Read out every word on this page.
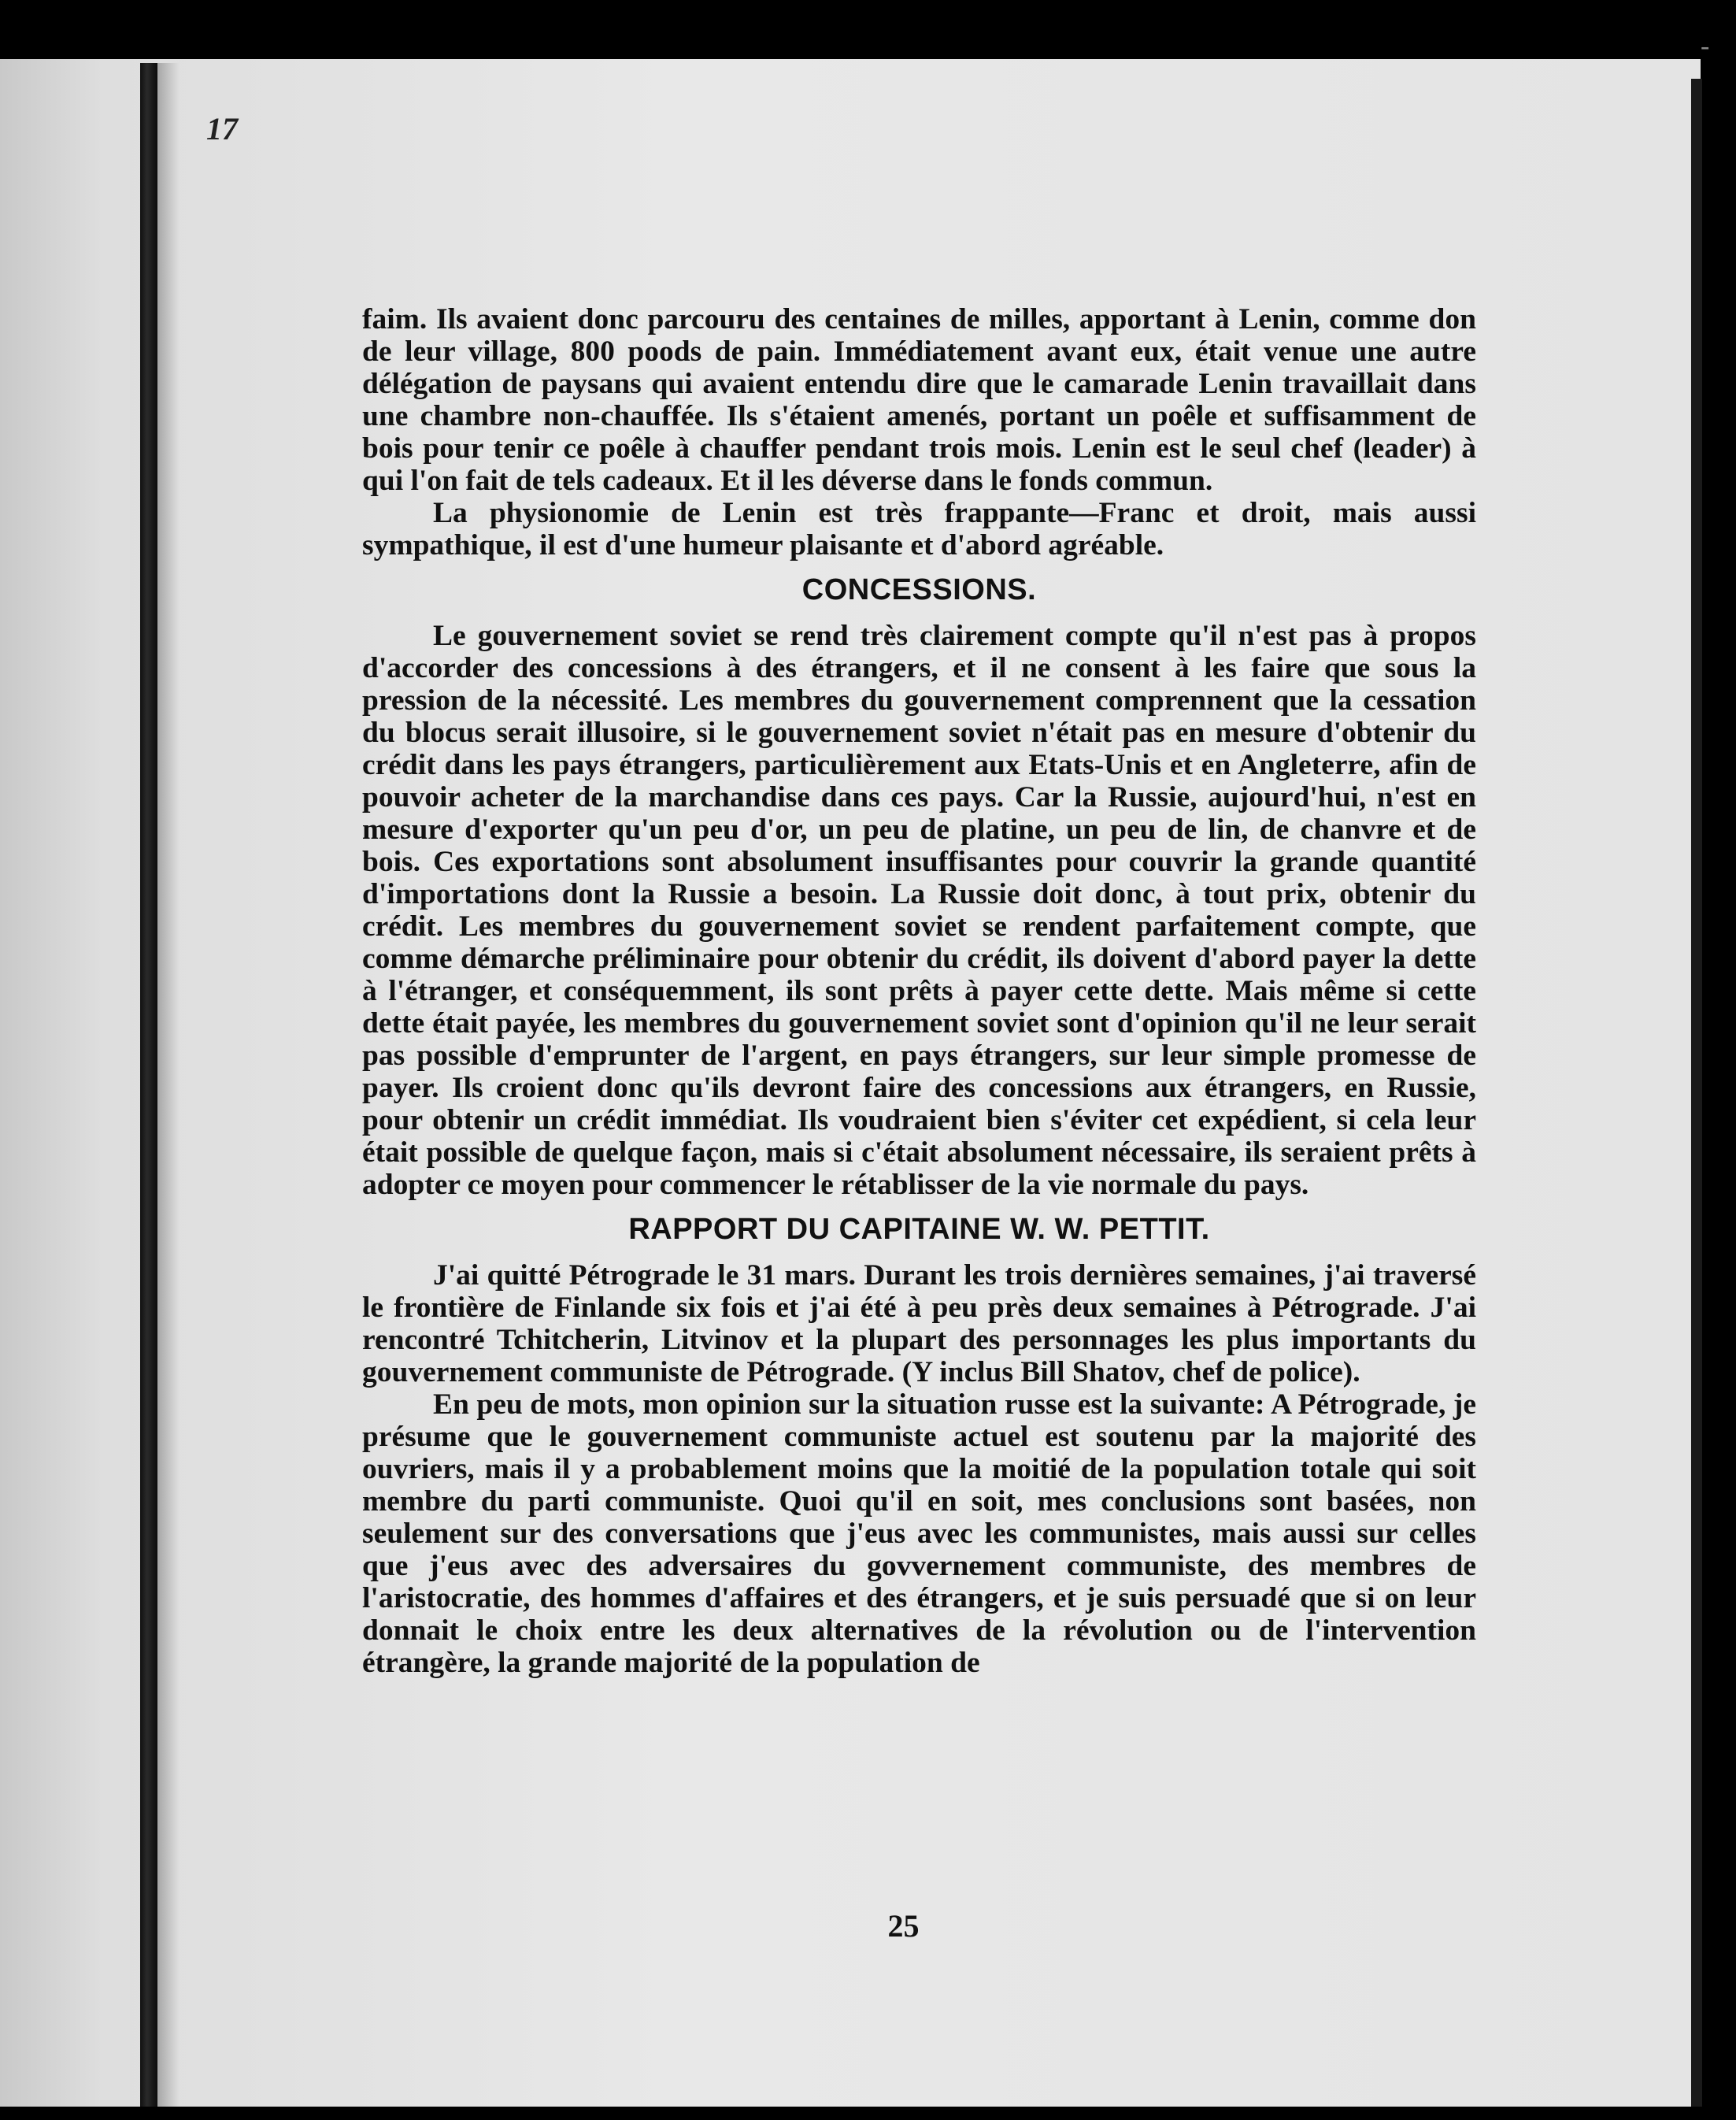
17
-

faim. Ils avaient donc parcouru des centaines de milles, apportant à Lenin, comme don de leur village, 800 poods de pain. Immédiatement avant eux, était venue une autre délégation de paysans qui avaient entendu dire que le camarade Lenin travaillait dans une chambre non-chauffée. Ils s'étaient amenés, portant un poêle et suffisamment de bois pour tenir ce poêle à chauffer pendant trois mois. Lenin est le seul chef (leader) à qui l'on fait de tels cadeaux. Et il les déverse dans le fonds commun.

La physionomie de Lenin est très frappante—Franc et droit, mais aussi sympathique, il est d'une humeur plaisante et d'abord agréable.

CONCESSIONS.

Le gouvernement soviet se rend très clairement compte qu'il n'est pas à propos d'accorder des concessions à des étrangers, et il ne consent à les faire que sous la pression de la nécessité. Les membres du gouvernement comprennent que la cessation du blocus serait illusoire, si le gouvernement soviet n'était pas en mesure d'obtenir du crédit dans les pays étrangers, particulièrement aux Etats-Unis et en Angleterre, afin de pouvoir acheter de la marchandise dans ces pays. Car la Russie, aujourd'hui, n'est en mesure d'exporter qu'un peu d'or, un peu de platine, un peu de lin, de chanvre et de bois. Ces exportations sont absolument insuffisantes pour couvrir la grande quantité d'importations dont la Russie a besoin. La Russie doit donc, à tout prix, obtenir du crédit. Les membres du gouvernement soviet se rendent parfaitement compte, que comme démarche préliminaire pour obtenir du crédit, ils doivent d'abord payer la dette à l'étranger, et conséquemment, ils sont prêts à payer cette dette. Mais même si cette dette était payée, les membres du gouvernement soviet sont d'opinion qu'il ne leur serait pas possible d'emprunter de l'argent, en pays étrangers, sur leur simple promesse de payer. Ils croient donc qu'ils devront faire des concessions aux étrangers, en Russie, pour obtenir un crédit immédiat. Ils voudraient bien s'éviter cet expédient, si cela leur était possible de quelque façon, mais si c'était absolument nécessaire, ils seraient prêts à adopter ce moyen pour commencer le rétablisser de la vie normale du pays.

RAPPORT DU CAPITAINE W. W. PETTIT.

J'ai quitté Pétrograde le 31 mars. Durant les trois dernières semaines, j'ai traversé le frontière de Finlande six fois et j'ai été à peu près deux semaines à Pétrograde. J'ai rencontré Tchitcherin, Litvinov et la plupart des personnages les plus importants du gouvernement communiste de Pétrograde. (Y inclus Bill Shatov, chef de police).

En peu de mots, mon opinion sur la situation russe est la suivante: A Pétrograde, je présume que le gouvernement communiste actuel est soutenu par la majorité des ouvriers, mais il y a probablement moins que la moitié de la population totale qui soit membre du parti communiste. Quoi qu'il en soit, mes conclusions sont basées, non seulement sur des conversations que j'eus avec les communistes, mais aussi sur celles que j'eus avec des adversaires du govvernement communiste, des membres de l'aristocratie, des hommes d'affaires et des étrangers, et je suis persuadé que si on leur donnait le choix entre les deux alternatives de la révolution ou de l'intervention étrangère, la grande majorité de la population de

25
